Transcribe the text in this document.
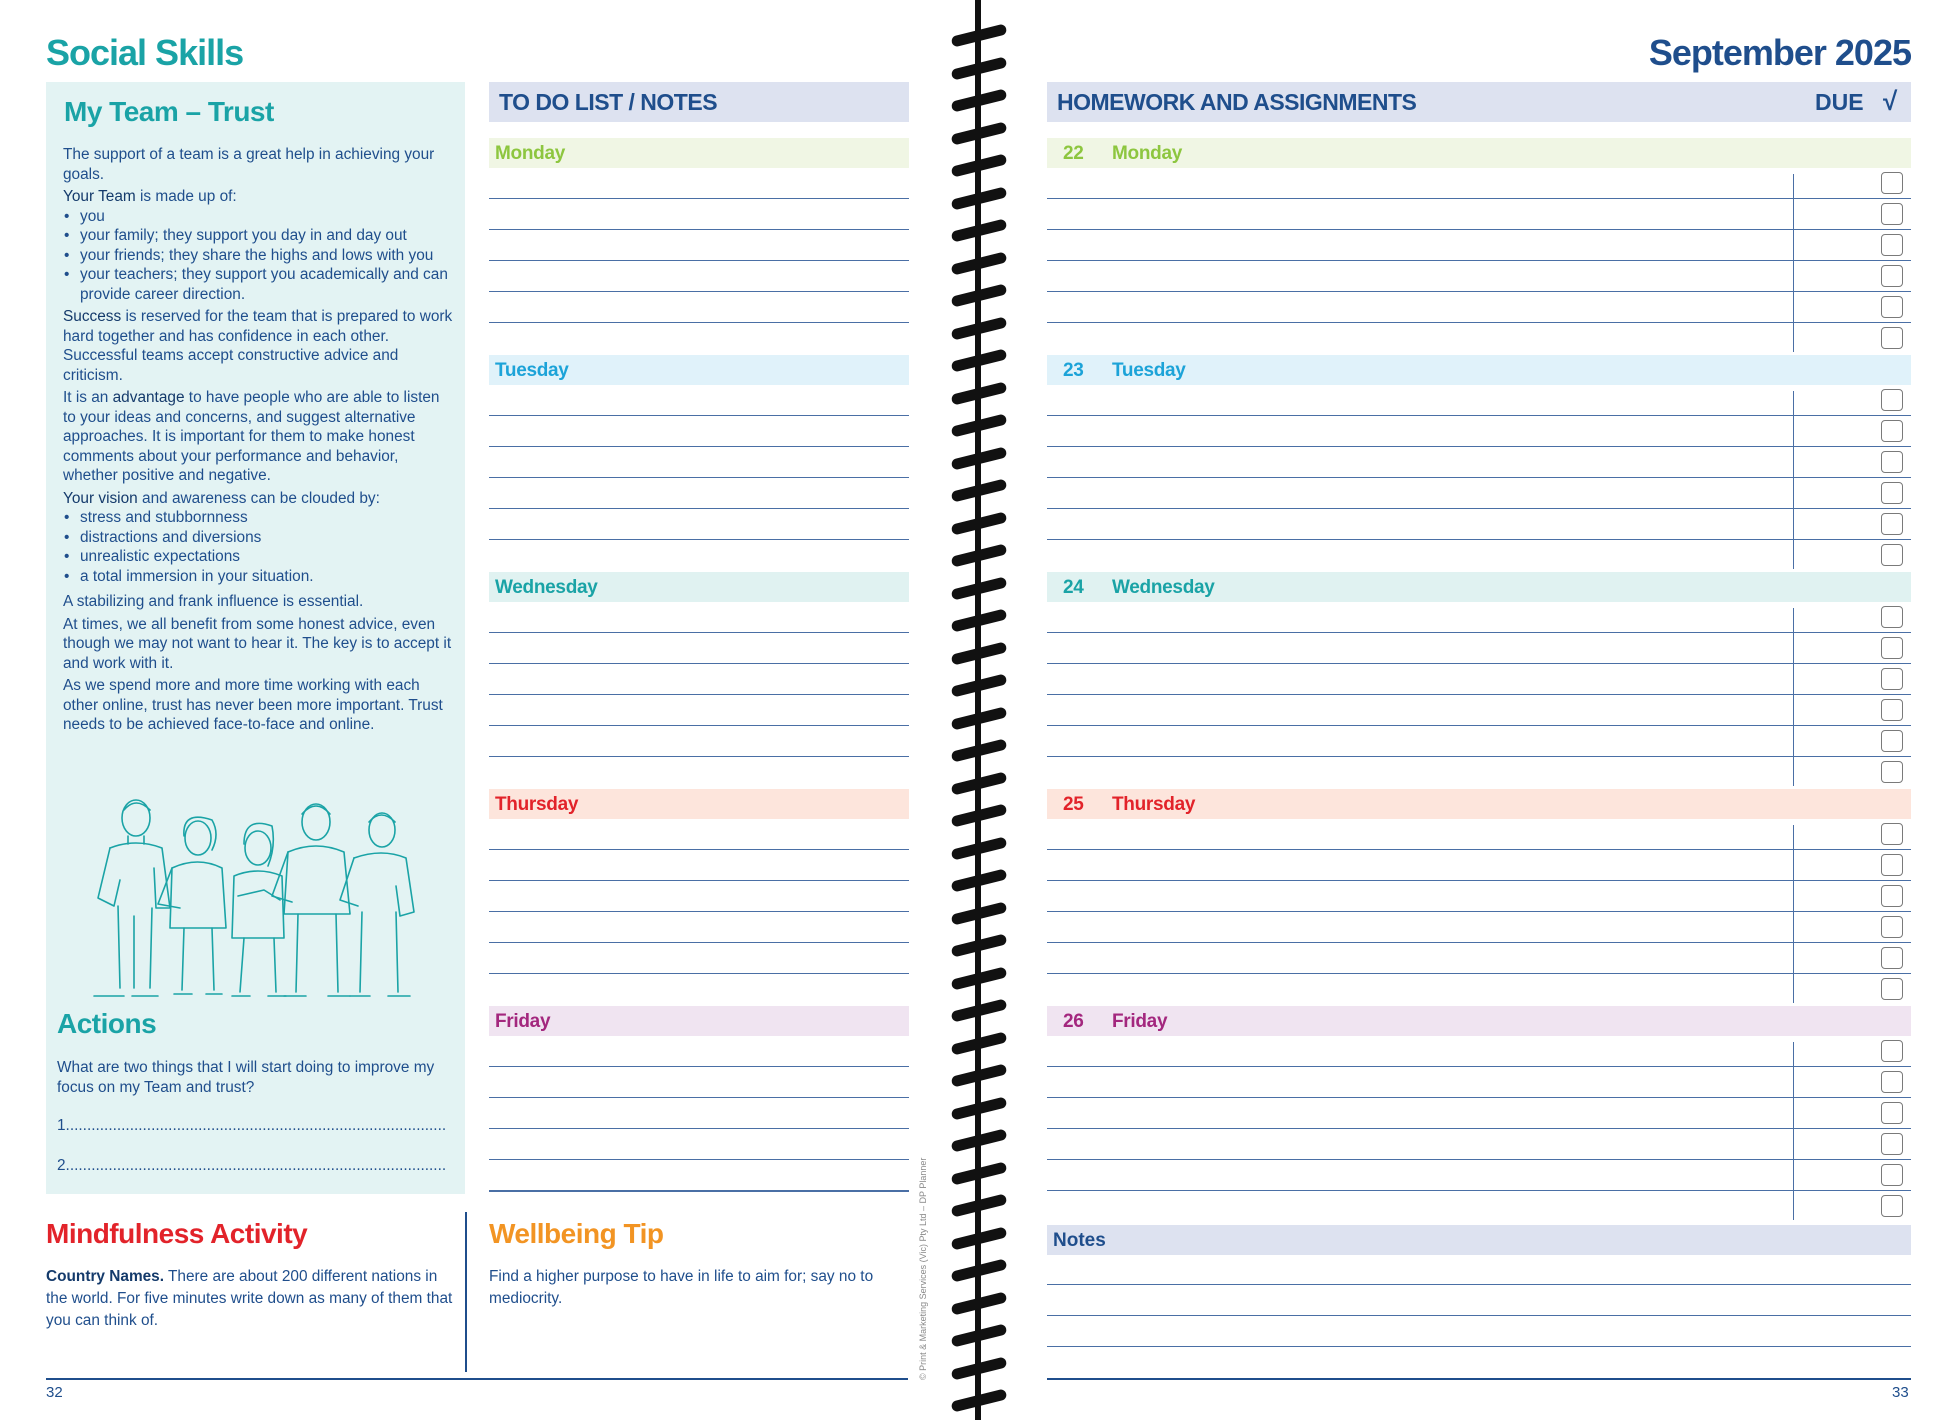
Social Skills
My Team – Trust

The support of a team is a great help in achieving your goals.

Your Team is made up of:
• you
• your family; they support you day in and day out
• your friends; they share the highs and lows with you
• your teachers; they support you academically and can provide career direction.

Success is reserved for the team that is prepared to work hard together and has confidence in each other. Successful teams accept constructive advice and criticism.

It is an advantage to have people who are able to listen to your ideas and concerns, and suggest alternative approaches. It is important for them to make honest comments about your performance and behavior, whether positive and negative.

Your vision and awareness can be clouded by:
• stress and stubbornness
• distractions and diversions
• unrealistic expectations
• a total immersion in your situation.

A stabilizing and frank influence is essential.

At times, we all benefit from some honest advice, even though we may not want to hear it. The key is to accept it and work with it.

As we spend more and more time working with each other online, trust has never been more important. Trust needs to be achieved face-to-face and online.

Actions
What are two things that I will start doing to improve my focus on my Team and trust?
1.........................................................................................
2.........................................................................................
Mindfulness Activity
Country Names. There are about 200 different nations in the world. For five minutes write down as many of them that you can think of.
Wellbeing Tip
Find a higher purpose to have in life to aim for; say no to mediocrity.
TO DO LIST / NOTES
Monday
Tuesday
Wednesday
Thursday
Friday
© Print & Marketing Services (Vic) Pty Ltd – DP Planner
September 2025
HOMEWORK AND ASSIGNMENTS	DUE √
22 Monday
23 Tuesday
24 Wednesday
25 Thursday
26 Friday
Notes
32	33
